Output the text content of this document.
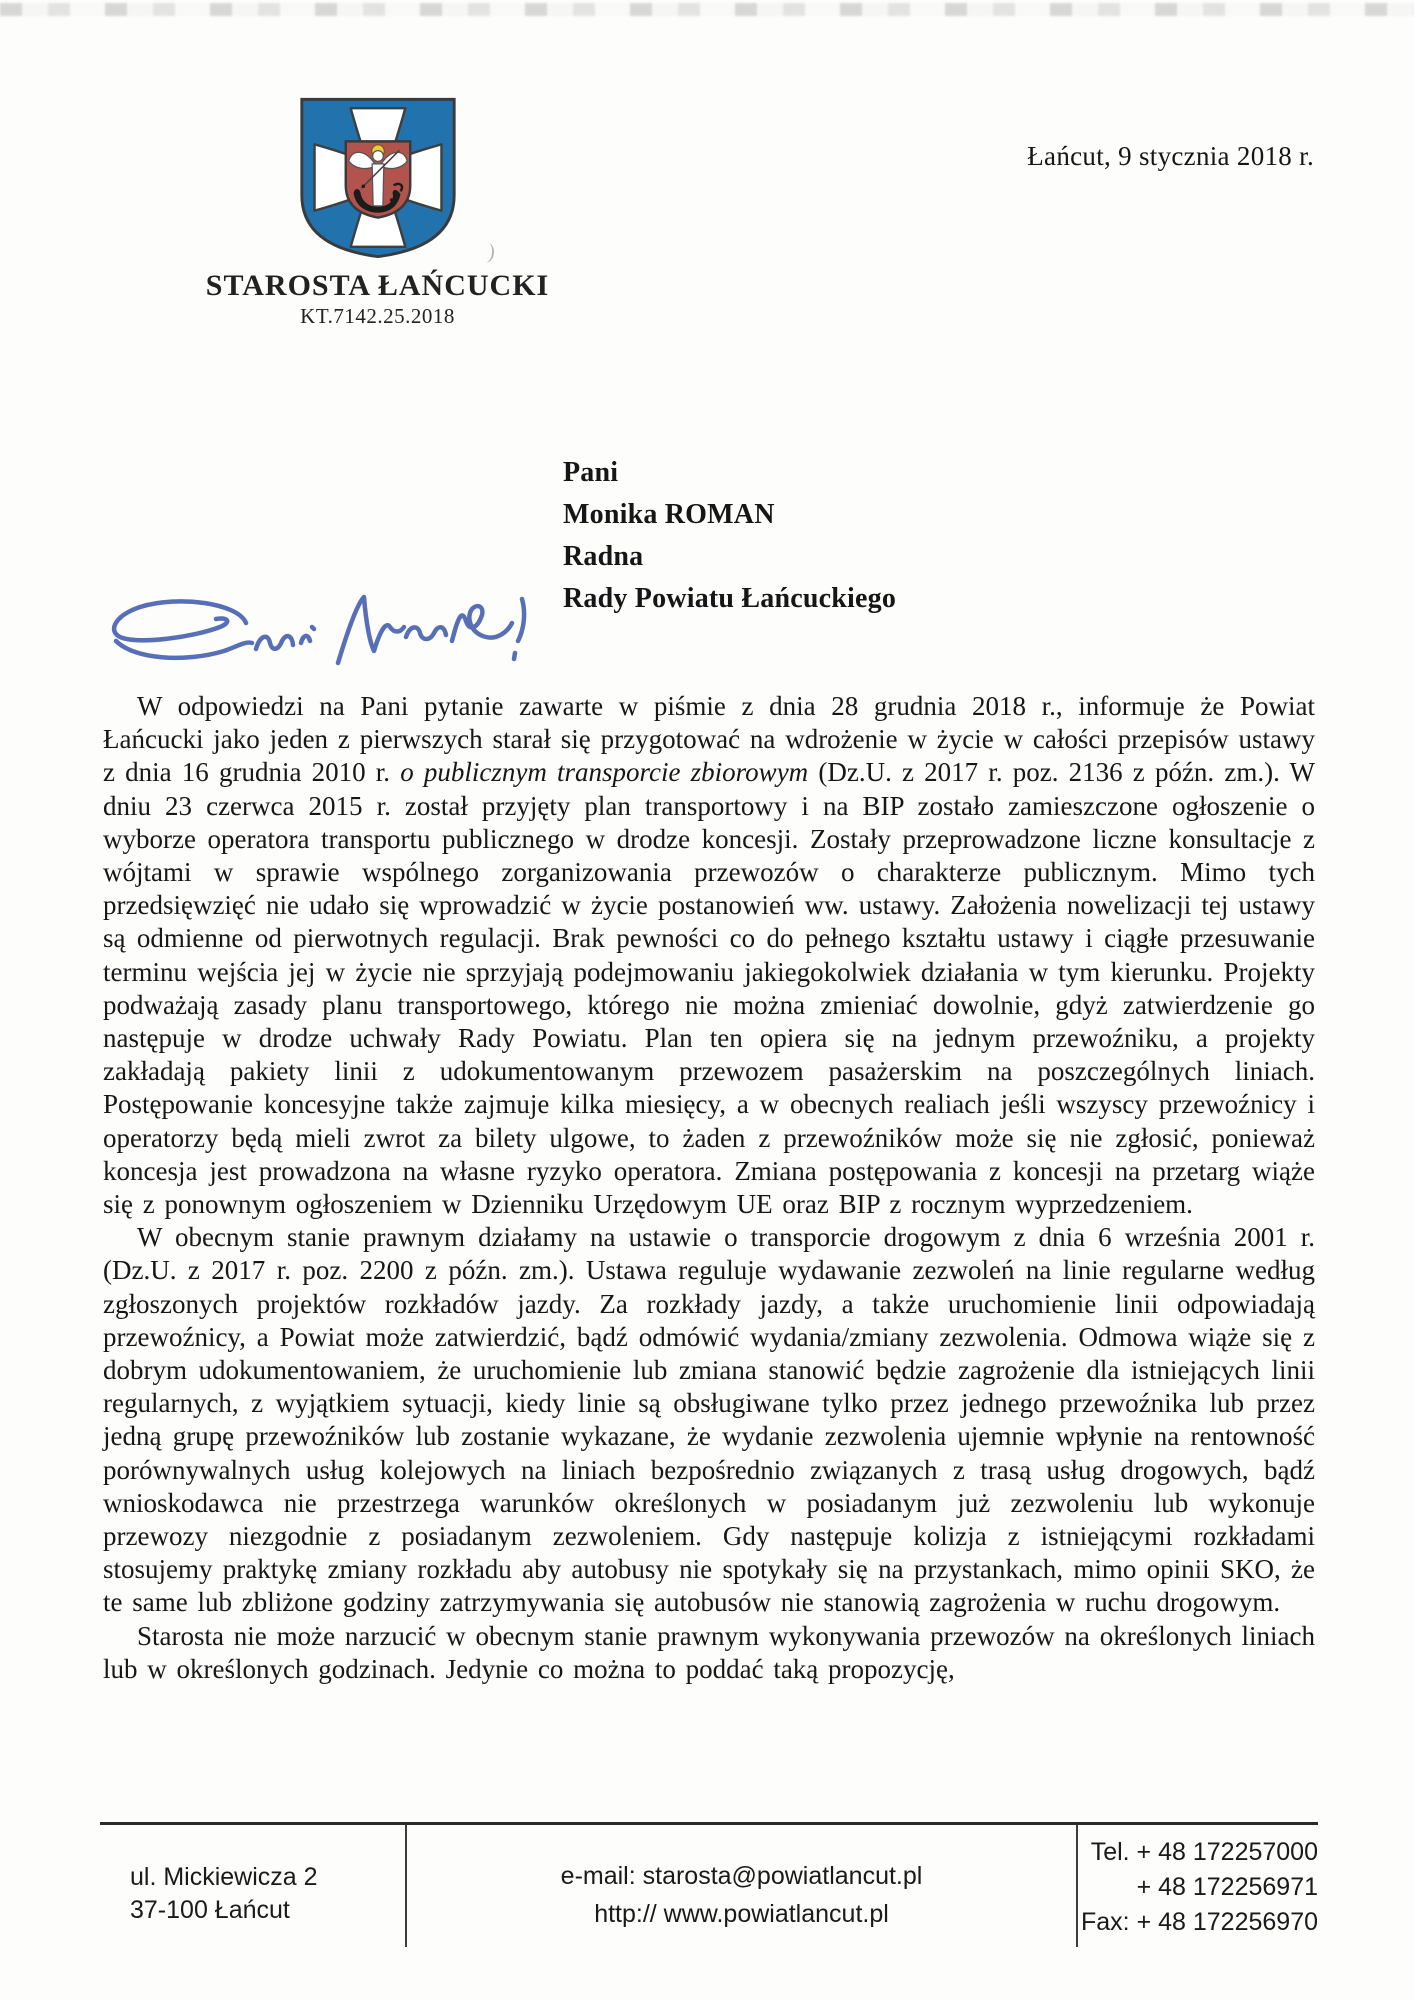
Łańcut, 9 stycznia 2018 r.
STAROSTA ŁAŃCUCKI
KT.7142.25.2018
Pani
Monika ROMAN
Radna
Rady Powiatu Łańcuckiego

W odpowiedzi na Pani pytanie zawarte w piśmie z dnia 28 grudnia 2018 r., informuje że Powiat Łańcucki jako jeden z pierwszych starał się przygotować na wdrożenie w życie w całości przepisów ustawy z dnia 16 grudnia 2010 r. o publicznym transporcie zbiorowym (Dz.U. z 2017 r. poz. 2136 z późn. zm.). W dniu 23 czerwca 2015 r. został przyjęty plan transportowy i na BIP zostało zamieszczone ogłoszenie o wyborze operatora transportu publicznego w drodze koncesji. Zostały przeprowadzone liczne konsultacje z wójtami w sprawie wspólnego zorganizowania przewozów o charakterze publicznym. Mimo tych przedsięwzięć nie udało się wprowadzić w życie postanowień ww. ustawy. Założenia nowelizacji tej ustawy są odmienne od pierwotnych regulacji. Brak pewności co do pełnego kształtu ustawy i ciągłe przesuwanie terminu wejścia jej w życie nie sprzyjają podejmowaniu jakiegokolwiek działania w tym kierunku. Projekty podważają zasady planu transportowego, którego nie można zmieniać dowolnie, gdyż zatwierdzenie go następuje w drodze uchwały Rady Powiatu. Plan ten opiera się na jednym przewoźniku, a projekty zakładają pakiety linii z udokumentowanym przewozem pasażerskim na poszczególnych liniach. Postępowanie koncesyjne także zajmuje kilka miesięcy, a w obecnych realiach jeśli wszyscy przewoźnicy i operatorzy będą mieli zwrot za bilety ulgowe, to żaden z przewoźników może się nie zgłosić, ponieważ koncesja jest prowadzona na własne ryzyko operatora. Zmiana postępowania z koncesji na przetarg wiąże się z ponownym ogłoszeniem w Dzienniku Urzędowym UE oraz BIP z rocznym wyprzedzeniem.

W obecnym stanie prawnym działamy na ustawie o transporcie drogowym z dnia 6 września 2001 r. (Dz.U. z 2017 r. poz. 2200 z późn. zm.). Ustawa reguluje wydawanie zezwoleń na linie regularne według zgłoszonych projektów rozkładów jazdy. Za rozkłady jazdy, a także uruchomienie linii odpowiadają przewoźnicy, a Powiat może zatwierdzić, bądź odmówić wydania/zmiany zezwolenia. Odmowa wiąże się z dobrym udokumentowaniem, że uruchomienie lub zmiana stanowić będzie zagrożenie dla istniejących linii regularnych, z wyjątkiem sytuacji, kiedy linie są obsługiwane tylko przez jednego przewoźnika lub przez jedną grupę przewoźników lub zostanie wykazane, że wydanie zezwolenia ujemnie wpłynie na rentowność porównywalnych usług kolejowych na liniach bezpośrednio związanych z trasą usług drogowych, bądź wnioskodawca nie przestrzega warunków określonych w posiadanym już zezwoleniu lub wykonuje przewozy niezgodnie z posiadanym zezwoleniem. Gdy następuje kolizja z istniejącymi rozkładami stosujemy praktykę zmiany rozkładu aby autobusy nie spotykały się na przystankach, mimo opinii SKO, że te same lub zbliżone godziny zatrzymywania się autobusów nie stanowią zagrożenia w ruchu drogowym.

Starosta nie może narzucić w obecnym stanie prawnym wykonywania przewozów na określonych liniach lub w określonych godzinach. Jedynie co można to poddać taką propozycję,

ul. Mickiewicza 2
37-100 Łańcut
e-mail: starosta@powiatlancut.pl
http:// www.powiatlancut.pl
Tel. + 48 172257000
+ 48 172256971
Fax: + 48 172256970
